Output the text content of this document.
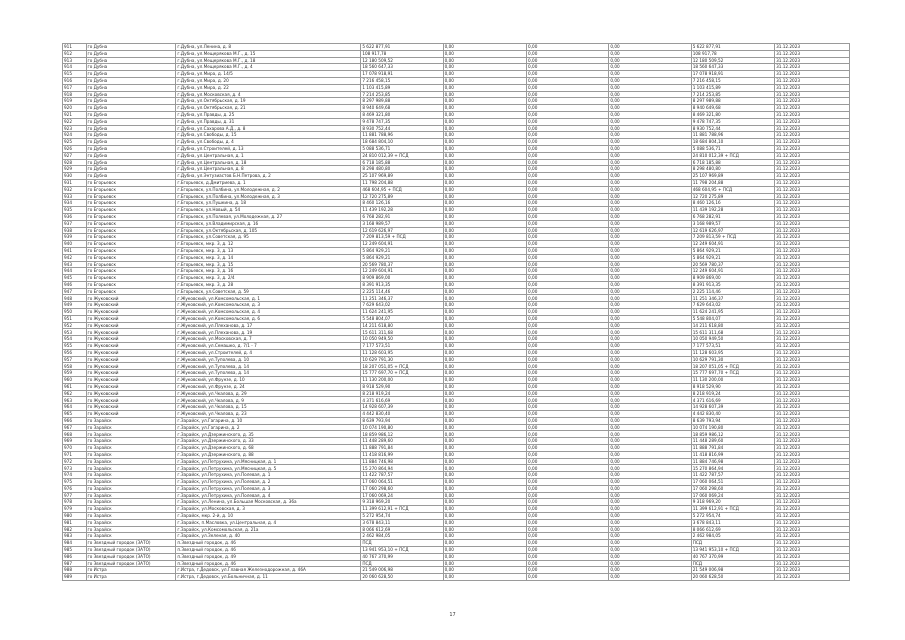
911	го Дубна	г.Дубна, ул.Ленина, д. 8	5 622 877,91	0,00	0,00	0,00	5 622 877,91	31.12.2023
912	го Дубна	г.Дубна, ул.Мещерякова М.Г., д. 15	108 917,78	0,00	0,00	0,00	108 917,78	31.12.2023
913	го Дубна	г.Дубна, ул.Мещерякова М.Г., д. 18	12 180 509,52	0,00	0,00	0,00	12 180 509,52	31.12.2023
914	го Дубна	г.Дубна, ул.Мещерякова М.Г., д. 4	18 560 647,33	0,00	0,00	0,00	18 560 647,33	31.12.2023
915	го Дубна	г.Дубна, ул.Мира, д. 14/5	17 078 918,91	0,00	0,00	0,00	17 078 918,91	31.12.2023
916	го Дубна	г.Дубна, ул.Мира, д. 20	7 216 458,15	0,00	0,00	0,00	7 216 458,15	31.12.2023
917	го Дубна	г.Дубна, ул.Мира, д. 22	1 103 415,89	0,00	0,00	0,00	1 103 415,89	31.12.2023
918	го Дубна	г.Дубна, ул.Московская, д. 4	7 214 253,85	0,00	0,00	0,00	7 214 253,85	31.12.2023
919	го Дубна	г.Дубна, ул.Октябрьская, д. 19	8 297 989,88	0,00	0,00	0,00	8 297 989,88	31.12.2023
920	го Дубна	г.Дубна, ул.Октябрьская, д. 21	8 940 649,68	0,00	0,00	0,00	8 940 649,68	31.12.2023
921	го Дубна	г.Дубна, ул.Правды, д. 25	8 469 321,80	0,00	0,00	0,00	8 469 321,80	31.12.2023
922	го Дубна	г.Дубна, ул.Правды, д. 31	9 478 747,35	0,00	0,00	0,00	9 478 747,35	31.12.2023
923	го Дубна	г.Дубна, ул.Сахарова А.Д., д. 8	8 930 752,44	0,00	0,00	0,00	8 930 752,44	31.12.2023
924	го Дубна	г.Дубна, ул.Свободы, д. 15	11 881 788,96	0,00	0,00	0,00	11 881 788,96	31.12.2023
925	го Дубна	г.Дубна, ул.Свободы, д. 4	18 684 804,10	0,00	0,00	0,00	18 684 804,10	31.12.2023
926	го Дубна	г.Дубна, ул.Строителей, д. 13	5 088 536,71	0,00	0,00	0,00	5 088 536,71	31.12.2023
927	го Дубна	г.Дубна, ул.Центральная, д. 1	24 810 012,39 + ПСД	0,00	0,00	0,00	24 810 012,39 + ПСД	31.12.2023
928	го Дубна	г.Дубна, ул.Центральная, д. 18	6 718 185,88	0,00	0,00	0,00	6 718 185,88	31.12.2023
929	го Дубна	г.Дубна, ул.Центральная, д. 8	8 298 480,80	0,00	0,00	0,00	8 298 480,80	31.12.2023
930	го Дубна	г.Дубна, ул.Энтузиастов Б.Н.Петрова, д. 2	25 107 969,89	0,00	0,00	0,00	25 107 969,89	31.12.2023
931	го Егорьевск	г.Егорьевск, д.Дмитриева, д. 1	11 798 204,88	0,00	0,00	0,00	11 798 204,88	31.12.2023
932	го Егорьевск	г.Егорьевск, ул.Полбина, ул.Молодежная, д. 2	468 604,95 + ПСД	0,00	0,00	0,00	468 604,95 + ПСД	31.12.2023
933	го Егорьевск	г.Егорьевск, ул.Полбина, ул.Молодежная, д. 3	12 720 275,89	0,00	0,00	0,00	12 720 275,89	31.12.2023
934	го Егорьевск	г.Егорьевск, ул.Пушкина, д. 18	8 460 126,16	0,00	0,00	0,00	8 460 126,16	31.12.2023
935	го Егорьевск	г.Егорьевск, ул.Новый, д. 54	11 439 192,28	0,00	0,00	0,00	11 439 192,28	31.12.2023
936	го Егорьевск	г.Егорьевск, ул.Полевая, ул.Молодежная, д. 27	6 768 282,91	0,00	0,00	0,00	6 768 282,91	31.12.2023
937	го Егорьевск	г.Егорьевск, ул.Владимирская, д. 16	3 168 989,57	0,00	0,00	0,00	3 168 989,57	31.12.2023
938	го Егорьевск	г.Егорьевск, ул.Октябрьская, д. 105	12 619 626,97	0,00	0,00	0,00	12 619 626,97	31.12.2023
939	го Егорьевск	г.Егорьевск, ул.Советская, д. 95	7 209 813,59 + ПСД	0,00	0,00	0,00	7 209 813,59 + ПСД	31.12.2023
940	го Егорьевск	г.Егорьевск, мкр. 3, д. 12	12 249 604,91	0,00	0,00	0,00	12 249 604,91	31.12.2023
941	го Егорьевск	г.Егорьевск, мкр. 3, д. 13	5 864 929,21	0,00	0,00	0,00	5 864 929,21	31.12.2023
942	го Егорьевск	г.Егорьевск, мкр. 3, д. 14	5 864 929,21	0,00	0,00	0,00	5 864 929,21	31.12.2023
943	го Егорьевск	г.Егорьевск, мкр. 3, д. 15	20 569 780,37	0,00	0,00	0,00	20 569 780,37	31.12.2023
944	го Егорьевск	г.Егорьевск, мкр. 3, д. 16	12 249 604,91	0,00	0,00	0,00	12 249 604,91	31.12.2023
945	го Егорьевск	г.Егорьевск, мкр. 3, д. 2/4	8 909 869,00	0,00	0,00	0,00	8 909 869,00	31.12.2023
946	го Егорьевск	г.Егорьевск, мкр. 3, д. 28	8 391 913,35	0,00	0,00	0,00	8 391 913,35	31.12.2023
947	го Егорьевск	г.Егорьевск, ул.Советская, д. 59	2 225 114,46	0,00	0,00	0,00	2 225 114,46	31.12.2023
948	го Жуковский	г.Жуковский, ул.Комсомольская, д. 1	11 251 346,37	0,00	0,00	0,00	11 251 346,37	31.12.2023
949	го Жуковский	г.Жуковский, ул.Комсомольская, д. 3	7 629 643,02	0,00	0,00	0,00	7 629 643,02	31.12.2023
950	го Жуковский	г.Жуковский, ул.Комсомольская, д. 4	11 624 241,95	0,00	0,00	0,00	11 624 241,95	31.12.2023
951	го Жуковский	г.Жуковский, ул.Комсомольская, д. 6	5 548 804,07	0,00	0,00	0,00	5 548 804,07	31.12.2023
952	го Жуковский	г.Жуковский, ул.Плеханова, д. 17	14 211 618,80	0,00	0,00	0,00	14 211 618,80	31.12.2023
953	го Жуковский	г.Жуковский, ул.Плеханова, д. 19	15 611 311,68	0,00	0,00	0,00	15 611 311,68	31.12.2023
954	го Жуковский	г.Жуковский, ул.Московская, д. 7	10 050 949,50	0,00	0,00	0,00	10 050 949,50	31.12.2023
955	го Жуковский	г.Жуковский, ул.Семашко, д. 7/1 - 7	7 177 573,51	0,00	0,00	0,00	7 177 573,51	31.12.2023
956	го Жуковский	г.Жуковский, ул.Строителей, д. 4	11 128 603,95	0,00	0,00	0,00	11 128 603,95	31.12.2023
957	го Жуковский	г.Жуковский, ул.Туполева, д. 10	10 629 791,30	0,00	0,00	0,00	10 629 791,30	31.12.2023
958	го Жуковский	г.Жуковский, ул.Туполева, д. 14	18 207 051,05 + ПСД	0,00	0,00	0,00	18 207 051,05 + ПСД	31.12.2023
959	го Жуковский	г.Жуковский, ул.Туполева, д. 14	15 777 697,70 + ПСД	0,00	0,00	0,00	15 777 697,70 + ПСД	31.12.2023
960	го Жуковский	г.Жуковский, ул.Фрунзе, д. 10	11 130 200,00	0,00	0,00	0,00	11 130 200,00	31.12.2023
961	го Жуковский	г.Жуковский, ул.Фрунзе, д. 24	8 918 529,90	0,00	0,00	0,00	8 918 529,90	31.12.2023
962	го Жуковский	г.Жуковский, ул.Чкалова, д. 29	8 218 919,24	0,00	0,00	0,00	8 218 919,24	31.12.2023
963	го Жуковский	г.Жуковский, ул.Чкалова, д. 9	4 371 616,69	0,00	0,00	0,00	4 371 616,69	31.12.2023
964	го Жуковский	г.Жуковский, ул.Чкалова, д. 15	14 928 607,39	0,00	0,00	0,00	14 928 607,39	31.12.2023
965	го Жуковский	г.Жуковский, ул.Чкалова, д. 23	4 442 830,40	0,00	0,00	0,00	4 442 830,40	31.12.2023
966	го Зарайск	г.Зарайск, ул.Гагарина, д. 10	8 639 793,94	0,00	0,00	0,00	8 639 793,94	31.12.2023
967	го Зарайск	г.Зарайск, ул.Гагарина, д. 2	10 074 190,80	0,00	0,00	0,00	10 074 190,80	31.12.2023
968	го Зарайск	г.Зарайск, ул.Дзержинского, д. 35	18 859 986,12	0,00	0,00	0,00	18 859 986,12	31.12.2023
969	го Зарайск	г.Зарайск, ул.Дзержинского, д. 33	11 448 289,60	0,00	0,00	0,00	11 448 289,60	31.12.2023
970	го Зарайск	г.Зарайск, ул.Дзержинского, д. 68	11 888 791,84	0,00	0,00	0,00	11 888 791,84	31.12.2023
971	го Зарайск	г.Зарайск, ул.Дзержинского, д. 88	11 418 816,99	0,00	0,00	0,00	11 418 816,99	31.12.2023
972	го Зарайск	г.Зарайск, ул.Петрухина, ул.Мясницкая, д. 1	11 884 746,98	0,00	0,00	0,00	11 884 746,98	31.12.2023
973	го Зарайск	г.Зарайск, ул.Петрухина, ул.Мясницкая, д. 5	15 270 864,94	0,00	0,00	0,00	15 270 864,94	31.12.2023
974	го Зарайск	г.Зарайск, ул.Петрухина, ул.Полевая, д. 1	11 422 787,57	0,00	0,00	0,00	11 422 787,57	31.12.2023
975	го Зарайск	г.Зарайск, ул.Петрухина, ул.Полевая, д. 2	17 060 064,51	0,00	0,00	0,00	17 060 064,51	31.12.2023
976	го Зарайск	г.Зарайск, ул.Петрухина, ул.Полевая, д. 3	17 060 298,60	0,00	0,00	0,00	17 060 298,60	31.12.2023
977	го Зарайск	г.Зарайск, ул.Петрухина, ул.Полевая, д. 4	17 060 069,24	0,00	0,00	0,00	17 060 069,24	31.12.2023
978	го Зарайск	г.Зарайск, ул.Ленина, ул.Большая Московская, д. 36а	9 318 969,20	0,00	0,00	0,00	9 318 969,20	31.12.2023
979	го Зарайск	г.Зарайск, ул.Московская, д. 3	11 399 612,91 + ПСД	0,00	0,00	0,00	11 399 612,91 + ПСД	31.12.2023
980	го Зарайск	г.Зарайск, мкр. 2-й, д. 10	5 272 954,74	0,00	0,00	0,00	5 272 954,74	31.12.2023
981	го Зарайск	г.Зарайск, п.Масловка, ул.Центральная, д. 4	3 678 843,11	0,00	0,00	0,00	3 678 843,11	31.12.2023
982	го Зарайск	г.Зарайск, ул.Комсомольская, д. 21а	8 066 612,69	0,00	0,00	0,00	8 066 612,69	31.12.2023
983	го Зарайск	г.Зарайск, ул.Зеленая, д. 40	2 462 984,05	0,00	0,00	0,00	2 462 984,05	31.12.2023
984	го Звездный городок (ЗАТО)	п.Звездный городок, д. 46	ПСД	0,00	0,00	0,00	ПСД	31.12.2023
985	го Звездный городок (ЗАТО)	п.Звездный городок, д. 46	13 941 953,10 + ПСД	0,00	0,00	0,00	13 941 953,10 + ПСД	31.12.2023
986	го Звездный городок (ЗАТО)	п.Звездный городок, д. 49	40 767 370,99	0,00	0,00	0,00	40 767 370,99	31.12.2023
987	го Звездный городок (ЗАТО)	п.Звездный городок, д. 46	ПСД	0,00	0,00	0,00	ПСД	31.12.2023
988	го Истра	г.Истра, г.Дедовск, ул.Главная Железнодорожная, д. 46А	21 549 006,98	0,00	0,00	0,00	21 549 006,98	31.12.2023
989	го Истра	г.Истра, г.Дедовск, ул.Больничная, д. 11	20 060 628,50	0,00	0,00	0,00	20 060 628,50	31.12.2023
17
